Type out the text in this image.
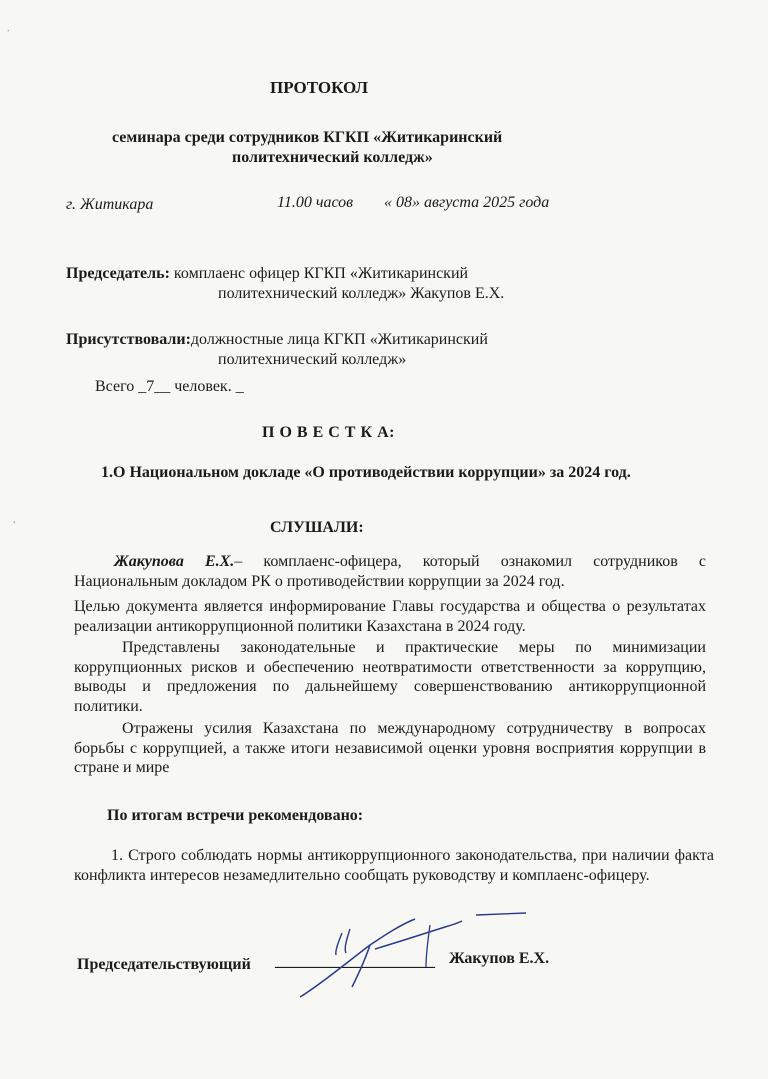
˙
·
ПРОТОКОЛ
семинара среди сотрудников КГКП «Житикаринский
политехнический колледж»
г. Житикара	11.00 часов « 08» августа 2025 года
Председатель: комплаенс офицер КГКП «Житикаринский
политехнический колледж» Жакупов Е.Х.
Присутствовали:должностные лица КГКП «Житикаринский
политехнический колледж»
Всего _7__ человек. _
П О В Е С Т К А:
1.О Национальном докладе «О противодействии коррупции» за 2024 год.
СЛУШАЛИ:
Жакупова Е.Х.– комплаенс-офицера, который ознакомил сотрудников с Национальным докладом РК о противодействии коррупции за 2024 год.
Целью документа является информирование Главы государства и общества о результатах реализации антикоррупционной политики Казахстана в 2024 году.
Представлены законодательные и практические меры по минимизации коррупционных рисков и обеспечению неотвратимости ответственности за коррупцию, выводы и предложения по дальнейшему совершенствованию антикоррупционной политики.
Отражены усилия Казахстана по международному сотрудничеству в вопросах борьбы с коррупцией, а также итоги независимой оценки уровня восприятия коррупции в стране и мире
По итогам встречи рекомендовано:
1. Строго соблюдать нормы антикоррупционного законодательства, при наличии факта конфликта интересов незамедлительно сообщать руководству и комплаенс-офицеру.
Председательствующий ____________________ Жакупов Е.Х.
